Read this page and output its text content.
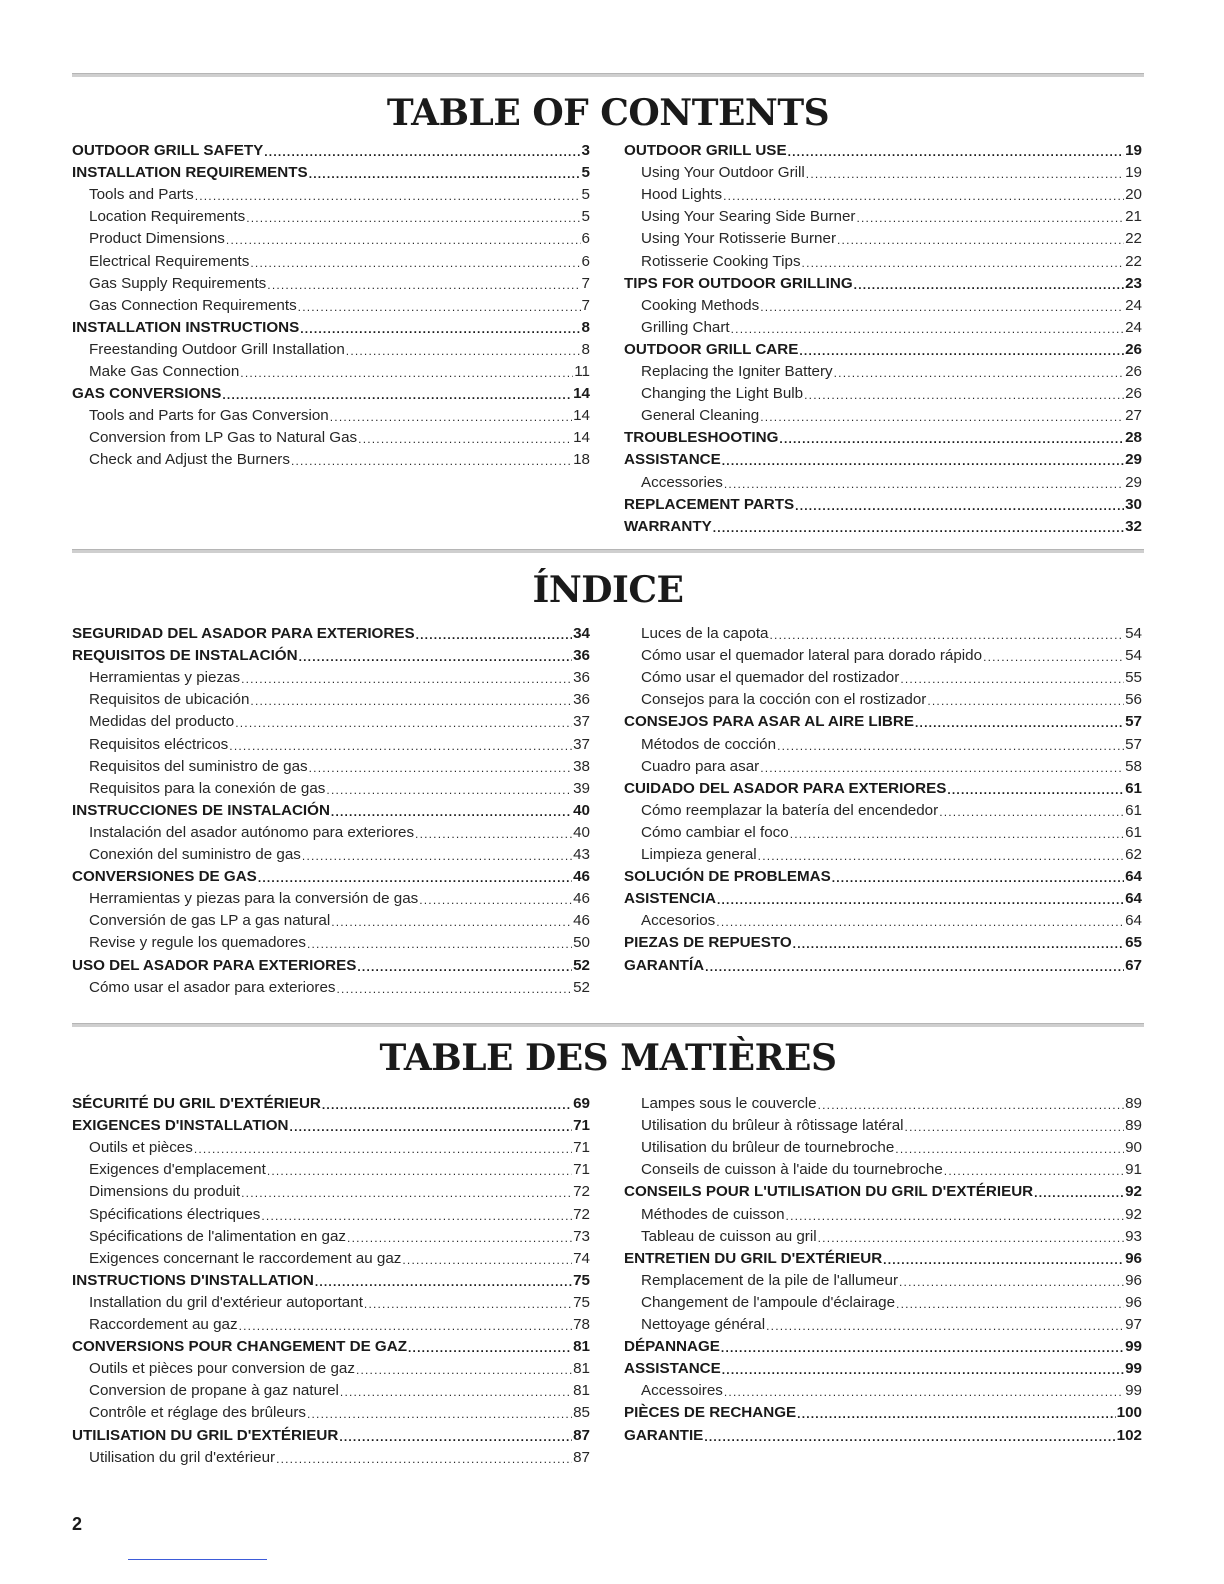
TABLE OF CONTENTS
OUTDOOR GRILL SAFETY .....	3
INSTALLATION REQUIREMENTS .....	5
Tools and Parts .....	5
Location Requirements .....	5
Product Dimensions .....	6
Electrical Requirements .....	6
Gas Supply Requirements .....	7
Gas Connection Requirements .....	7
INSTALLATION INSTRUCTIONS .....	8
Freestanding Outdoor Grill Installation .....	8
Make Gas Connection .....	11
GAS CONVERSIONS .....	14
Tools and Parts for Gas Conversion .....	14
Conversion from LP Gas to Natural Gas .....	14
Check and Adjust the Burners .....	18
OUTDOOR GRILL USE .....	19
Using Your Outdoor Grill .....	19
Hood Lights .....	20
Using Your Searing Side Burner .....	21
Using Your Rotisserie Burner .....	22
Rotisserie Cooking Tips .....	22
TIPS FOR OUTDOOR GRILLING .....	23
Cooking Methods .....	24
Grilling Chart .....	24
OUTDOOR GRILL CARE .....	26
Replacing the Igniter Battery .....	26
Changing the Light Bulb .....	26
General Cleaning .....	27
TROUBLESHOOTING .....	28
ASSISTANCE .....	29
Accessories .....	29
REPLACEMENT PARTS .....	30
WARRANTY .....	32
ÍNDICE
SEGURIDAD DEL ASADOR PARA EXTERIORES .....	34
REQUISITOS DE INSTALACIÓN .....	36
Herramientas y piezas .....	36
Requisitos de ubicación .....	36
Medidas del producto .....	37
Requisitos eléctricos .....	37
Requisitos del suministro de gas .....	38
Requisitos para la conexión de gas .....	39
INSTRUCCIONES DE INSTALACIÓN .....	40
Instalación del asador autónomo para exteriores .....	40
Conexión del suministro de gas .....	43
CONVERSIONES DE GAS .....	46
Herramientas y piezas para la conversión de gas .....	46
Conversión de gas LP a gas natural .....	46
Revise y regule los quemadores .....	50
USO DEL ASADOR PARA EXTERIORES .....	52
Cómo usar el asador para exteriores .....	52
Luces de la capota .....	54
Cómo usar el quemador lateral para dorado rápido .....	54
Cómo usar el quemador del rostizador .....	55
Consejos para la cocción con el rostizador .....	56
CONSEJOS PARA ASAR AL AIRE LIBRE .....	57
Métodos de cocción .....	57
Cuadro para asar .....	58
CUIDADO DEL ASADOR PARA EXTERIORES .....	61
Cómo reemplazar la batería del encendedor .....	61
Cómo cambiar el foco .....	61
Limpieza general .....	62
SOLUCIÓN DE PROBLEMAS .....	64
ASISTENCIA .....	64
Accesorios .....	64
PIEZAS DE REPUESTO .....	65
GARANTÍA .....	67
TABLE DES MATIÈRES
SÉCURITÉ DU GRIL D'EXTÉRIEUR .....	69
EXIGENCES D'INSTALLATION .....	71
Outils et pièces .....	71
Exigences d'emplacement .....	71
Dimensions du produit .....	72
Spécifications électriques .....	72
Spécifications de l'alimentation en gaz .....	73
Exigences concernant le raccordement au gaz .....	74
INSTRUCTIONS D'INSTALLATION .....	75
Installation du gril d'extérieur autoportant .....	75
Raccordement au gaz .....	78
CONVERSIONS POUR CHANGEMENT DE GAZ .....	81
Outils et pièces pour conversion de gaz .....	81
Conversion de propane à gaz naturel .....	81
Contrôle et réglage des brûleurs .....	85
UTILISATION DU GRIL D'EXTÉRIEUR .....	87
Utilisation du gril d'extérieur .....	87
Lampes sous le couvercle .....	89
Utilisation du brûleur à rôtissage latéral .....	89
Utilisation du brûleur de tournebroche .....	90
Conseils de cuisson à l'aide du tournebroche .....	91
CONSEILS POUR L'UTILISATION DU GRIL D'EXTÉRIEUR .....	92
Méthodes de cuisson .....	92
Tableau de cuisson au gril .....	93
ENTRETIEN DU GRIL D'EXTÉRIEUR .....	96
Remplacement de la pile de l'allumeur .....	96
Changement de l'ampoule d'éclairage .....	96
Nettoyage général .....	97
DÉPANNAGE .....	99
ASSISTANCE .....	99
Accessoires .....	99
PIÈCES DE RECHANGE .....	100
GARANTIE .....	102
2
